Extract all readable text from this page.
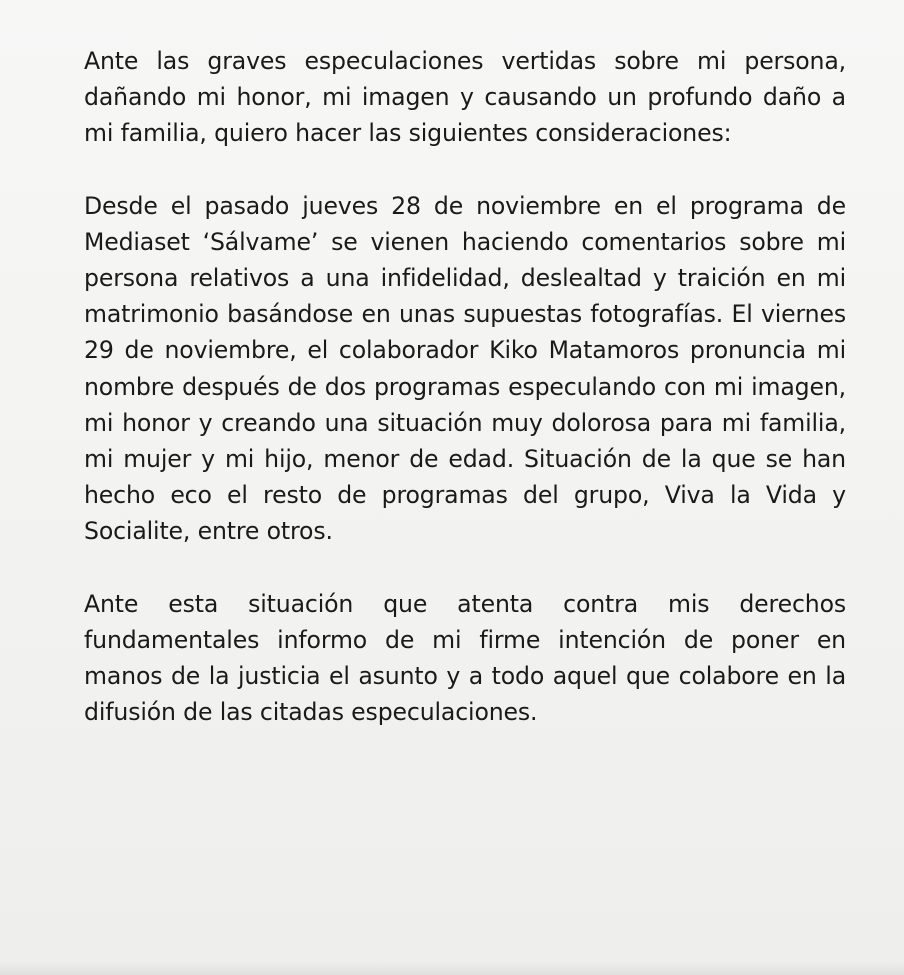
Ante las graves especulaciones vertidas sobre mi persona, dañando mi honor, mi imagen y causando un profundo daño a mi familia, quiero hacer las siguientes consideraciones:

Desde el pasado jueves 28 de noviembre en el programa de Mediaset ‘Sálvame’ se vienen haciendo comentarios sobre mi persona relativos a una infidelidad, deslealtad y traición en mi matrimonio basándose en unas supuestas fotografías. El viernes 29 de noviembre, el colaborador Kiko Matamoros pronuncia mi nombre después de dos programas especulando con mi imagen, mi honor y creando una situación muy dolorosa para mi familia, mi mujer y mi hijo, menor de edad. Situación de la que se han hecho eco el resto de programas del grupo, Viva la Vida y Socialite, entre otros.

Ante esta situación que atenta contra mis derechos fundamentales informo de mi firme intención de poner en manos de la justicia el asunto y a todo aquel que colabore en la difusión de las citadas especulaciones.
